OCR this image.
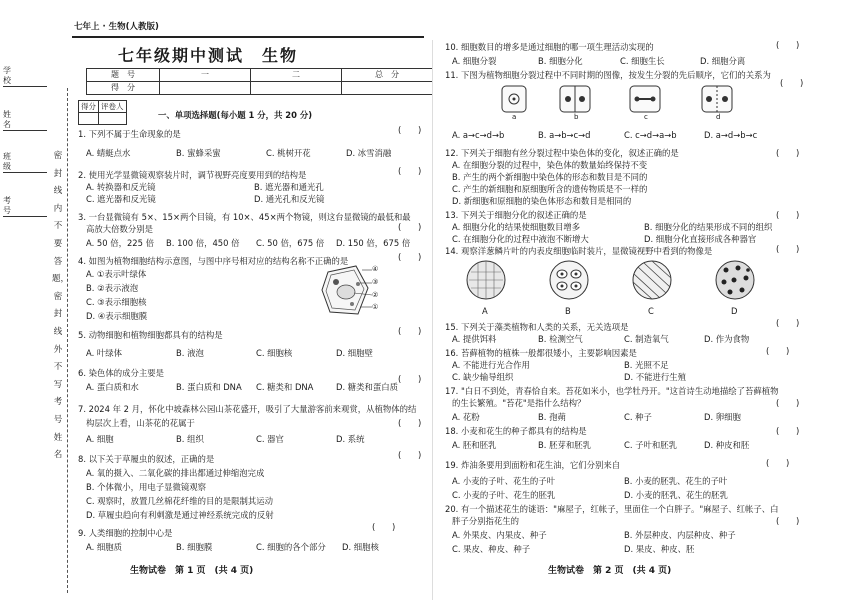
学　校
姓　名
班　级
考　号
密封线内不要答题，密封线外不写考号姓名
七年上 · 生物(人教版)
七年级期中测试　生物
题　号	一	二	总　分
得　分			
得分	评卷人

一、单项选择题(每小题 1 分，共 20 分)
1. 下列不属于生命现象的是	(　　)
A. 蜻蜓点水	B. 蜜蜂采蜜	C. 桃树开花	D. 冰雪消融
2. 使用光学显微镜观察装片时，调节视野亮度要用到的结构是	(　　)
A. 转换器和反光镜	B. 遮光器和通光孔
C. 遮光器和反光镜	D. 通光孔和反光镜
3. 一台显微镜有 5×、15×两个目镜，有 10×、45×两个物镜，则这台显微镜的最低和最
高放大倍数分别是	(　　)
A. 50 倍，225 倍 B. 100 倍，450 倍 C. 50 倍，675 倍 D. 150 倍，675 倍
4. 如图为植物细胞结构示意图，与图中序号相对应的结构名称不正确的是	(　　)
A. ①表示叶绿体
B. ②表示液泡
C. ③表示细胞核
D. ④表示细胞膜
④
③
②
①
5. 动物细胞和植物细胞都具有的结构是	(　　)
A. 叶绿体	B. 液泡	C. 细胞核	D. 细胞壁
6. 染色体的成分主要是
(　　)
A. 蛋白质和水	B. 蛋白质和 DNA C. 糖类和 DNA	D. 糖类和蛋白质
7. 2024 年 2 月，怀化中坡森林公园山茶花盛开，吸引了大量游客前来观赏，从植物体的结
构层次上看，山茶花的花属于	(　　)
A. 细胞	B. 组织	C. 器官	D. 系统
8. 以下关于草履虫的叙述，正确的是	(　　)
A. 氧的摄入、二氧化碳的排出都通过伸缩泡完成
B. 个体微小，用电子显微镜观察
C. 观察时，放置几丝棉花纤维的目的是限制其运动
D. 草履虫趋向有利刺激是通过神经系统完成的反射
9. 人类细胞的控制中心是
(　　)
A. 细胞质	B. 细胞膜	C. 细胞的各个部分 D. 细胞核
生物试卷　第 1 页　(共 4 页)
10. 细胞数目的增多是通过细胞的哪一项生理活动实现的	(　　)
A. 细胞分裂	B. 细胞分化	C. 细胞生长	D. 细胞分离
11. 下图为植物细胞分裂过程中不同时期的图像，按发生分裂的先后顺序，它们的关系为
(　　)
a	b	c	d
A. a→c→d→b	B. a→b→c→d	C. c→d→a→b	D. a→d→b→c
12. 下列关于细胞有丝分裂过程中染色体的变化，叙述正确的是	(　　)
A. 在细胞分裂的过程中，染色体的数量始终保持不变
B. 产生的两个新细胞中染色体的形态和数目是不同的
C. 产生的新细胞和原细胞所含的遗传物质是不一样的
D. 新细胞和原细胞的染色体形态和数目是相同的
13. 下列关于细胞分化的叙述正确的是	(　　)
A. 细胞分化的结果使细胞数目增多	B. 细胞分化的结果形成不同的组织
C. 在细胞分化的过程中液泡不断增大	D. 细胞分化直接形成各种器官
14. 观察洋葱鳞片叶的内表皮细胞临时装片，显微镜视野中看到的物像是	(　　)
A	B	C	D
15. 下列关于藻类植物和人类的关系，无关选项是	(　　)
A. 提供饵料	B. 检测空气	C. 制造氧气	D. 作为食物
16. 苔藓植物的植株一般都很矮小，主要影响因素是	(　　)
A. 不能进行光合作用	B. 光照不足
C. 缺少输导组织	D. 不能进行生殖
17. "白日不到处，青春恰自来。苔花如米小，也学牡丹开。"这首诗生动地描绘了苔藓植物
的生长繁殖。"苔花"是指什么结构？	(　　)
A. 花粉	B. 孢蒴	C. 种子	D. 卵细胞
18. 小麦和花生的种子都具有的结构是	(　　)
A. 胚和胚乳	B. 胚芽和胚乳	C. 子叶和胚乳	D. 种皮和胚
19. 炸油条要用到面粉和花生油，它们分别来自	(　　)
A. 小麦的子叶、花生的子叶	B. 小麦的胚乳、花生的子叶
C. 小麦的子叶、花生的胚乳	D. 小麦的胚乳、花生的胚乳
20. 有一个描述花生的谜语："麻屋子，红帐子，里面住一个白胖子。"麻屋子、红帐子、白
胖子分别指花生的	(　　)
A. 外果皮、内果皮、种子	B. 外层种皮、内层种皮、种子
C. 果皮、种皮、种子	D. 果皮、种皮、胚
生物试卷　第 2 页　(共 4 页)
